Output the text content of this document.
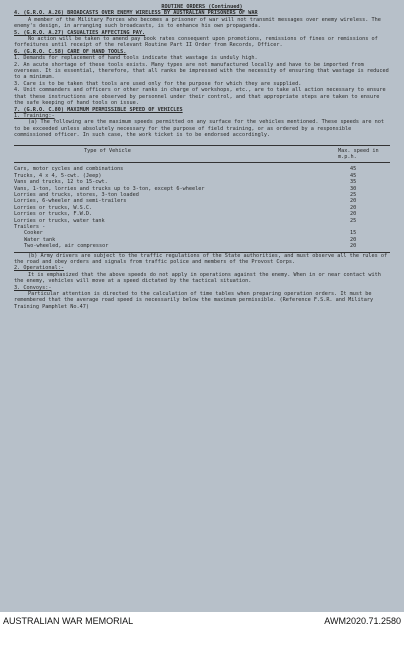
ROUTINE ORDERS (Continued)

4. (G.R.O. A.26) BROADCASTS OVER ENEMY WIRELESS BY AUSTRALIAN PRISONERS OF WAR

A member of the Military Forces who becomes a prisoner of war will not transmit messages over enemy wireless. The enemy's design, in arranging such broadcasts, is to enhance his own propaganda.

5. (G.R.O. A.27) CASUALTIES AFFECTING PAY.

No action will be taken to amend pay book rates consequent upon promotions, remissions of fines or remissions of forfeitures until receipt of the relevant Routine Part II Order from Records, Officer.

6. (G.R.O. C.58) CARE OF HAND TOOLS.

1. Demands for replacement of hand tools indicate that wastage is unduly high.

2. An acute shortage of these tools exists. Many types are not manufactured locally and have to be imported from overseas. It is essential, therefore, that all ranks be impressed with the necessity of ensuring that wastage is reduced to a minimum.

3. Care is to be taken that tools are used only for the purpose for which they are supplied.

4. Unit commanders and officers or other ranks in charge of workshops, etc., are to take all action necessary to ensure that these instructions are observed by personnel under their control, and that appropriate steps are taken to ensure the safe keeping of hand tools on issue.

7. (G.R.O. C.80) MAXIMUM PERMISSIBLE SPEED OF VEHICLES

1. Training:-

(a) The following are the maximum speeds permitted on any surface for the vehicles mentioned. These speeds are not to be exceeded unless absolutely necessary for the purpose of field training, or as ordered by a responsible commissioned officer. In such case, the work ticket is to be endorsed accordingly.

Type of Vehicle	Max. speed in m.p.h.
Cars, motor cycles and combinations	45
Trucks, 4 x 4, 5-cwt. (Jeep)	45
Vans and trucks, 12 to 15-cwt.	35
Vans, 1-ton, lorries and trucks up to 3-ton, except 6-wheeler	30
Lorries and trucks, stores, 3-ton loaded	25
Lorries, 6-wheeler and semi-trailers	20
Lorries or trucks, W.S.C.	20
Lorries or trucks, F.W.D.	20
Lorries or trucks, water tank	25
Trailers -
Cooker	15
Water tank	20
Two-wheeled, air compressor	20

(b) Army drivers are subject to the traffic regulations of the State authorities, and must observe all the rules of the road and obey orders and signals from traffic police and members of the Provost Corps.

2. Operational:-

It is emphasized that the above speeds do not apply in operations against the enemy. When in or near contact with the enemy, vehicles will move at a speed dictated by the tactical situation.

3. Convoys:-

Particular attention is directed to the calculation of time tables when preparing operation orders. It must be remembered that the average road speed is necessarily below the maximum permissible. (Reference F.S.R. and Military Training Pamphlet No.47)

AUSTRALIAN WAR MEMORIAL	AWM2020.71.2580
